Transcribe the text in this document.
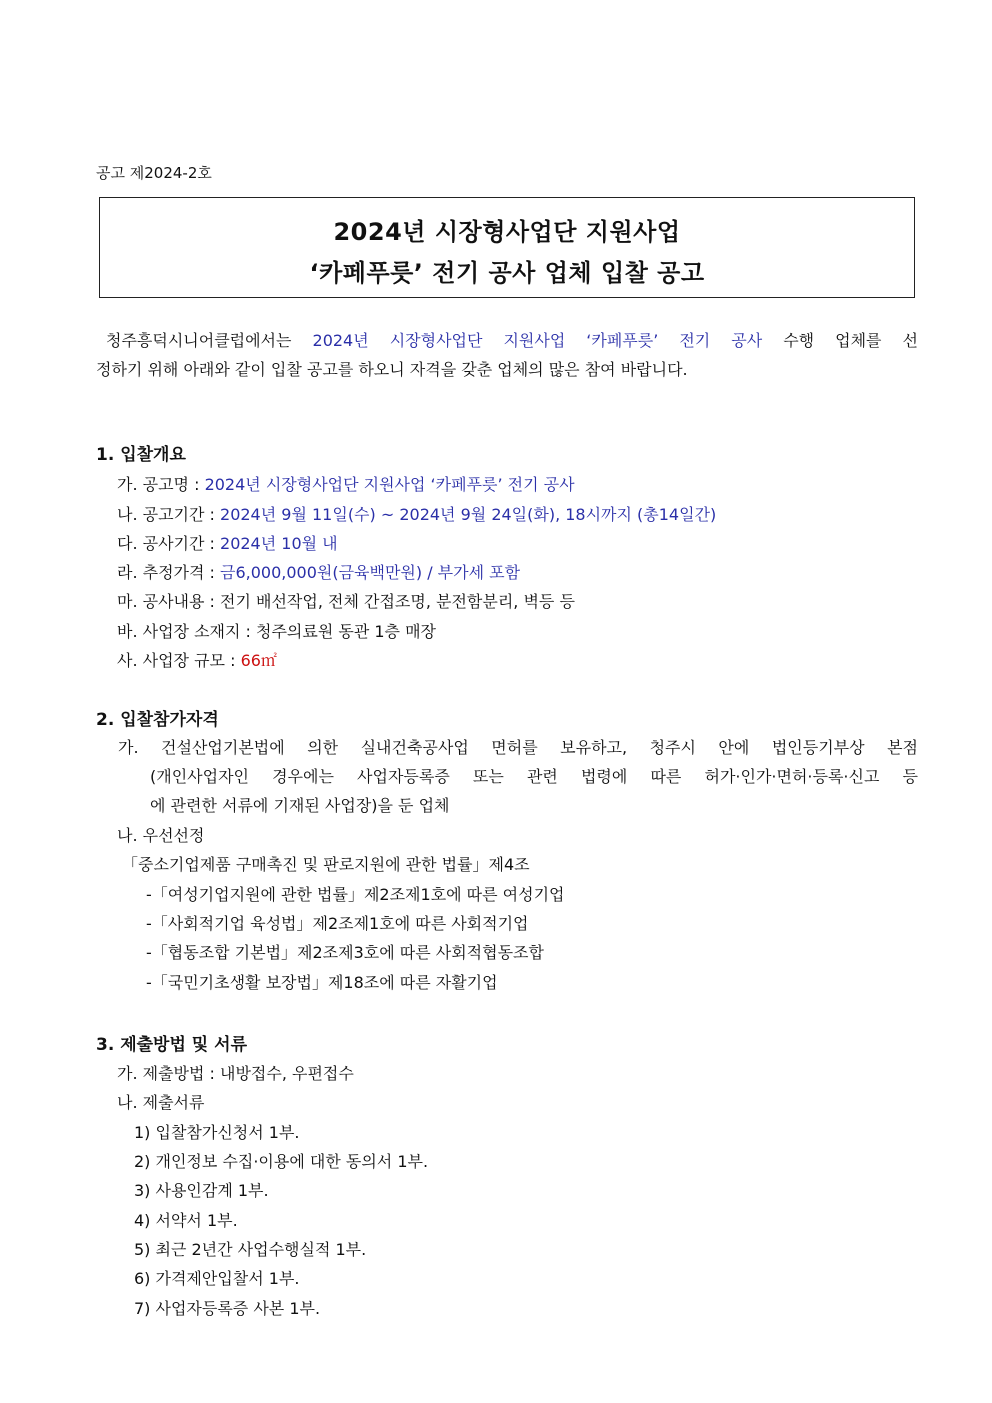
공고 제2024-2호
2024년 시장형사업단 지원사업
‘카페푸릇’ 전기 공사 업체 입찰 공고

청주흥덕시니어클럽에서는 2024년 시장형사업단 지원사업 ‘카페푸릇’ 전기 공사 수행 업체를 선

정하기 위해 아래와 같이 입찰 공고를 하오니 자격을 갖춘 업체의 많은 참여 바랍니다.

1. 입찰개요
가. 공고명 : 2024년 시장형사업단 지원사업 ‘카페푸릇’ 전기 공사
나. 공고기간 : 2024년 9월 11일(수) ~ 2024년 9월 24일(화), 18시까지 (총14일간)
다. 공사기간 : 2024년 10월 내
라. 추정가격 : 금6,000,000원(금육백만원) / 부가세 포함
마. 공사내용 : 전기 배선작업, 전체 간접조명, 분전함분리, 벽등 등
바. 사업장 소재지 : 청주의료원 동관 1층 매장
사. 사업장 규모 : 66㎡
2. 입찰참가자격

가. 건설산업기본법에 의한 실내건축공사업 면허를 보유하고, 청주시 안에 법인등기부상 본점

(개인사업자인 경우에는 사업자등록증 또는 관련 법령에 따른 허가·인가·면허·등록·신고 등

에 관련한 서류에 기재된 사업장)을 둔 업체

나. 우선선정
「중소기업제품 구매촉진 및 판로지원에 관한 법률」제4조
-「여성기업지원에 관한 법률」제2조제1호에 따른 여성기업
-「사회적기업 육성법」제2조제1호에 따른 사회적기업
-「협동조합 기본법」제2조제3호에 따른 사회적협동조합
-「국민기초생활 보장법」제18조에 따른 자활기업
3. 제출방법 및 서류
가. 제출방법 : 내방접수, 우편접수
나. 제출서류
1) 입찰참가신청서 1부.
2) 개인정보 수집·이용에 대한 동의서 1부.
3) 사용인감계 1부.
4) 서약서 1부.
5) 최근 2년간 사업수행실적 1부.
6) 가격제안입찰서 1부.
7) 사업자등록증 사본 1부.
